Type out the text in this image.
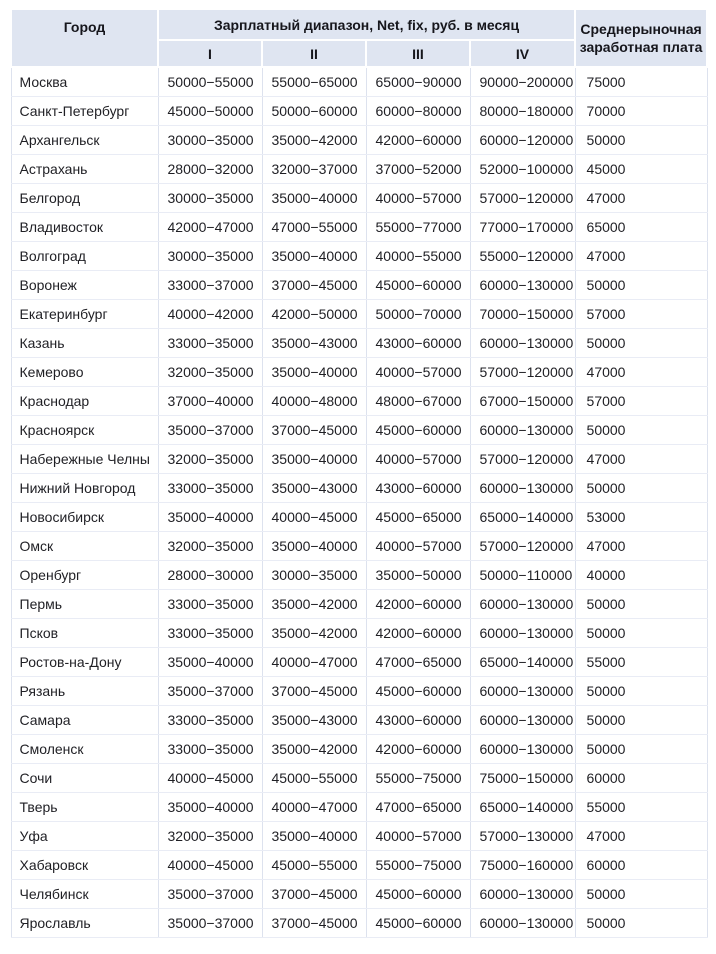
Город	Зарплатный диапазон, Net, fix, руб. в месяц				Среднерыночная заработная плата
	I	II	III	IV	
Москва	50000−55000	55000−65000	65000−90000	90000−200000	75000
Санкт-Петербург	45000−50000	50000−60000	60000−80000	80000−180000	70000
Архангельск	30000−35000	35000−42000	42000−60000	60000−120000	50000
Астрахань	28000−32000	32000−37000	37000−52000	52000−100000	45000
Белгород	30000−35000	35000−40000	40000−57000	57000−120000	47000
Владивосток	42000−47000	47000−55000	55000−77000	77000−170000	65000
Волгоград	30000−35000	35000−40000	40000−55000	55000−120000	47000
Воронеж	33000−37000	37000−45000	45000−60000	60000−130000	50000
Екатеринбург	40000−42000	42000−50000	50000−70000	70000−150000	57000
Казань	33000−35000	35000−43000	43000−60000	60000−130000	50000
Кемерово	32000−35000	35000−40000	40000−57000	57000−120000	47000
Краснодар	37000−40000	40000−48000	48000−67000	67000−150000	57000
Красноярск	35000−37000	37000−45000	45000−60000	60000−130000	50000
Набережные Челны	32000−35000	35000−40000	40000−57000	57000−120000	47000
Нижний Новгород	33000−35000	35000−43000	43000−60000	60000−130000	50000
Новосибирск	35000−40000	40000−45000	45000−65000	65000−140000	53000
Омск	32000−35000	35000−40000	40000−57000	57000−120000	47000
Оренбург	28000−30000	30000−35000	35000−50000	50000−110000	40000
Пермь	33000−35000	35000−42000	42000−60000	60000−130000	50000
Псков	33000−35000	35000−42000	42000−60000	60000−130000	50000
Ростов-на-Дону	35000−40000	40000−47000	47000−65000	65000−140000	55000
Рязань	35000−37000	37000−45000	45000−60000	60000−130000	50000
Самара	33000−35000	35000−43000	43000−60000	60000−130000	50000
Смоленск	33000−35000	35000−42000	42000−60000	60000−130000	50000
Сочи	40000−45000	45000−55000	55000−75000	75000−150000	60000
Тверь	35000−40000	40000−47000	47000−65000	65000−140000	55000
Уфа	32000−35000	35000−40000	40000−57000	57000−130000	47000
Хабаровск	40000−45000	45000−55000	55000−75000	75000−160000	60000
Челябинск	35000−37000	37000−45000	45000−60000	60000−130000	50000
Ярославль	35000−37000	37000−45000	45000−60000	60000−130000	50000
